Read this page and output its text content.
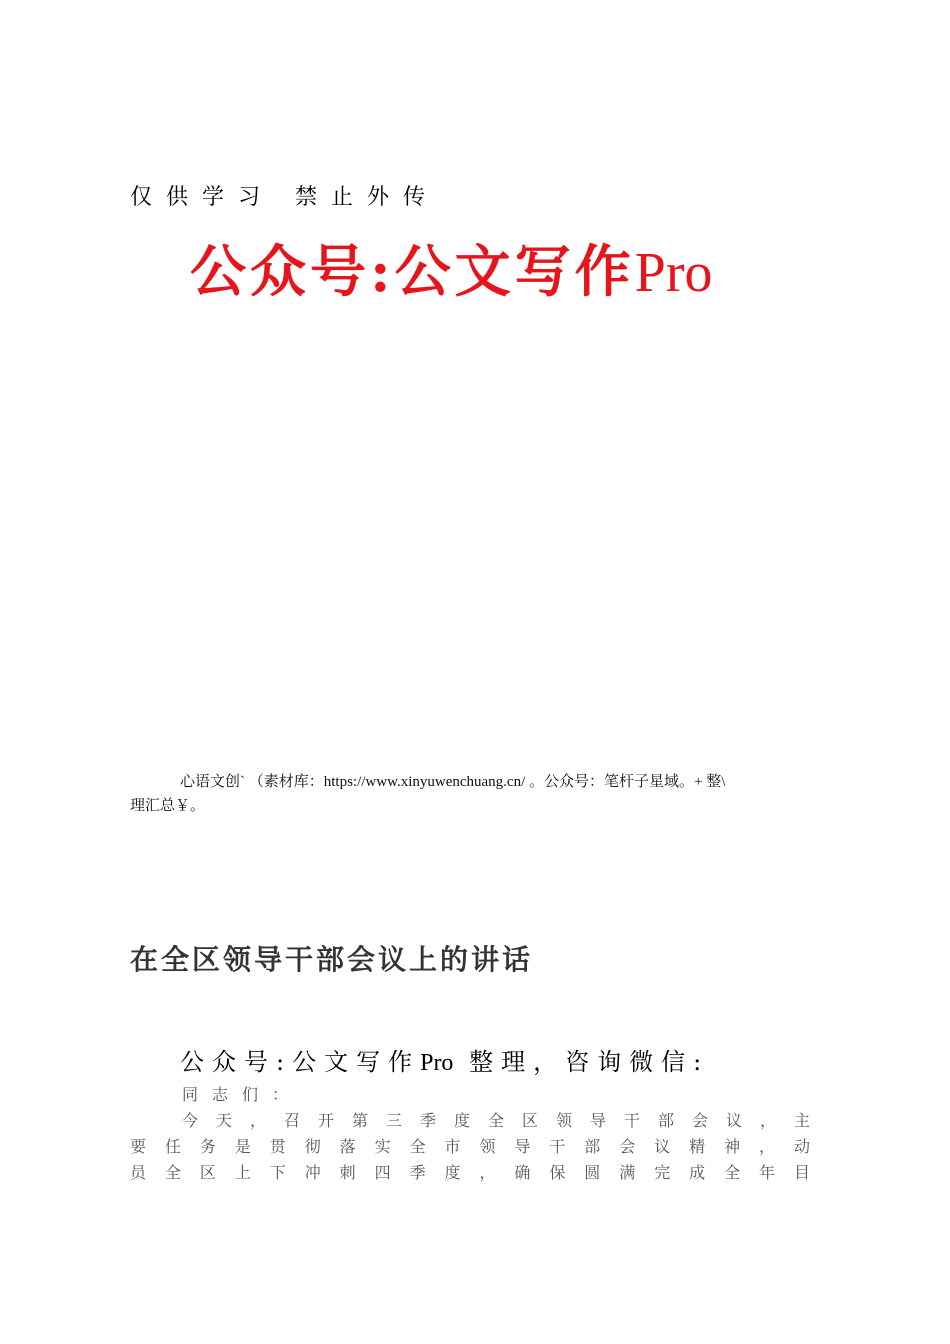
仅供学习 禁止外传
公众号:公文写作Pro
心语文创` （素材库：https://www.xinyuwenchuang.cn/ 。公众号：笔杆子星域。+ 整\
理汇总￥。
在全区领导干部会议上的讲话
公众号:公文写作Pro 整理，咨询微信:

同志们：

今天，召开第三季度全区领导干部会议，主
要任务是贯彻落实全市领导干部会议精神，动
员全区上下冲刺四季度，确保圆满完成全年目
